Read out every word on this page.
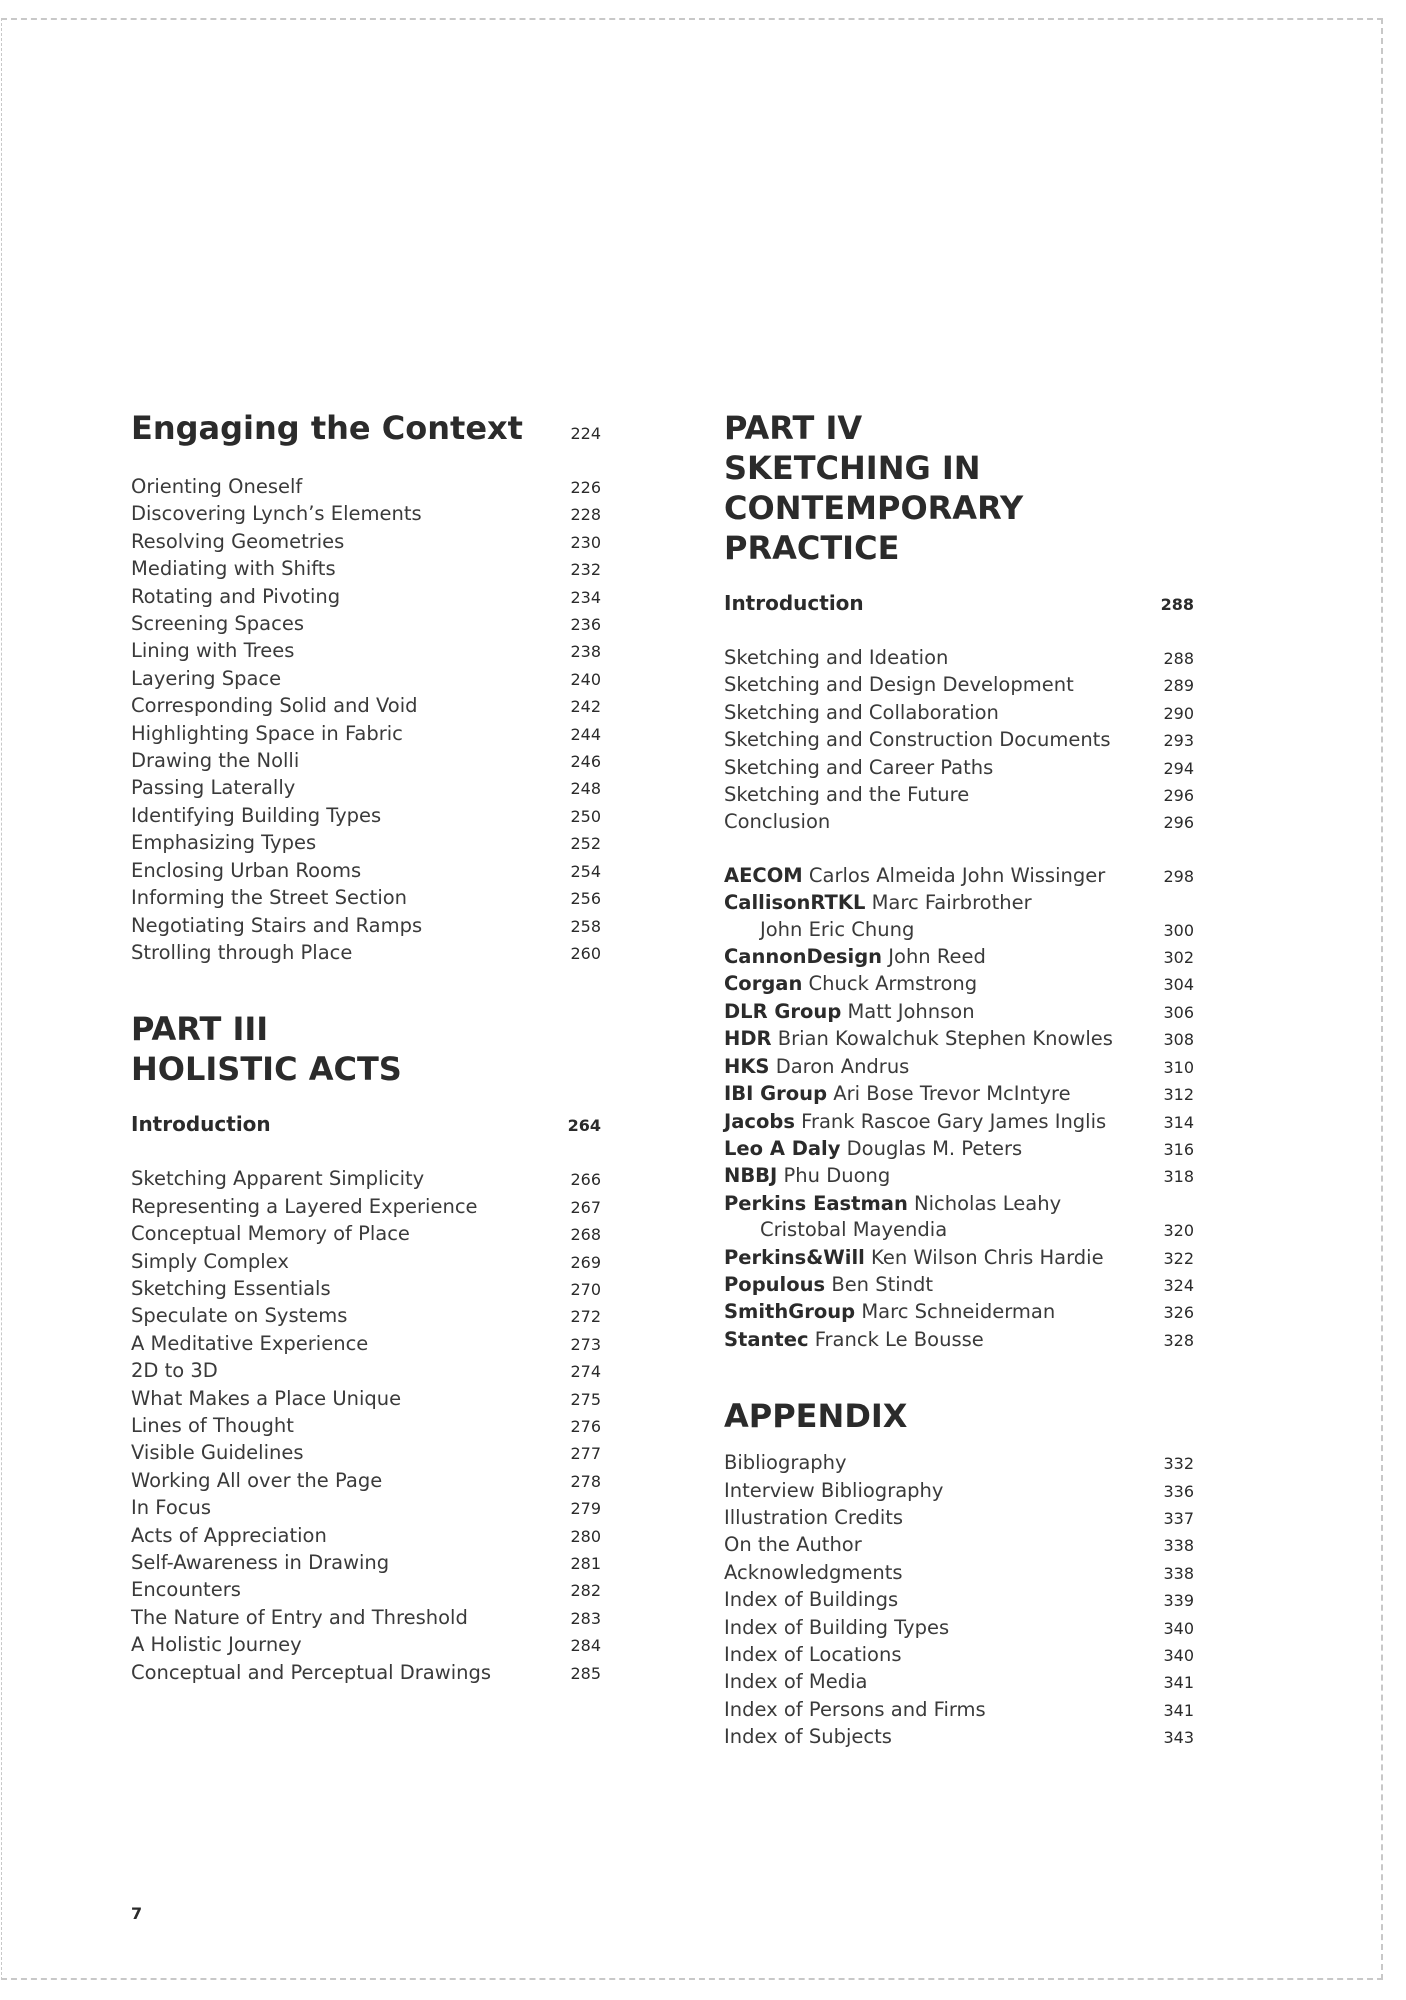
Engaging the Context	224
Orienting Oneself	226
Discovering Lynch’s Elements	228
Resolving Geometries	230
Mediating with Shifts	232
Rotating and Pivoting	234
Screening Spaces	236
Lining with Trees	238
Layering Space	240
Corresponding Solid and Void	242
Highlighting Space in Fabric	244
Drawing the Nolli	246
Passing Laterally	248
Identifying Building Types	250
Emphasizing Types	252
Enclosing Urban Rooms	254
Informing the Street Section	256
Negotiating Stairs and Ramps	258
Strolling through Place	260
PART III
HOLISTIC ACTS
Introduction	264
Sketching Apparent Simplicity	266
Representing a Layered Experience	267
Conceptual Memory of Place	268
Simply Complex	269
Sketching Essentials	270
Speculate on Systems	272
A Meditative Experience	273
2D to 3D	274
What Makes a Place Unique	275
Lines of Thought	276
Visible Guidelines	277
Working All over the Page	278
In Focus	279
Acts of Appreciation	280
Self-Awareness in Drawing	281
Encounters	282
The Nature of Entry and Threshold	283
A Holistic Journey	284
Conceptual and Perceptual Drawings	285
PART IV
SKETCHING IN
CONTEMPORARY PRACTICE
Introduction	288
Sketching and Ideation	288
Sketching and Design Development	289
Sketching and Collaboration	290
Sketching and Construction Documents	293
Sketching and Career Paths	294
Sketching and the Future	296
Conclusion	296
AECOM Carlos Almeida John Wissinger	298
CallisonRTKL Marc Fairbrother
John Eric Chung	300
CannonDesign John Reed	302
Corgan Chuck Armstrong	304
DLR Group Matt Johnson	306
HDR Brian Kowalchuk Stephen Knowles	308
HKS Daron Andrus	310
IBI Group Ari Bose Trevor McIntyre	312
Jacobs Frank Rascoe Gary James Inglis	314
Leo A Daly Douglas M. Peters	316
NBBJ Phu Duong	318
Perkins Eastman Nicholas Leahy
Cristobal Mayendia	320
Perkins&Will Ken Wilson Chris Hardie	322
Populous Ben Stindt	324
SmithGroup Marc Schneiderman	326
Stantec Franck Le Bousse	328
APPENDIX
Bibliography	332
Interview Bibliography	336
Illustration Credits	337
On the Author	338
Acknowledgments	338
Index of Buildings	339
Index of Building Types	340
Index of Locations	340
Index of Media	341
Index of Persons and Firms	341
Index of Subjects	343
7
